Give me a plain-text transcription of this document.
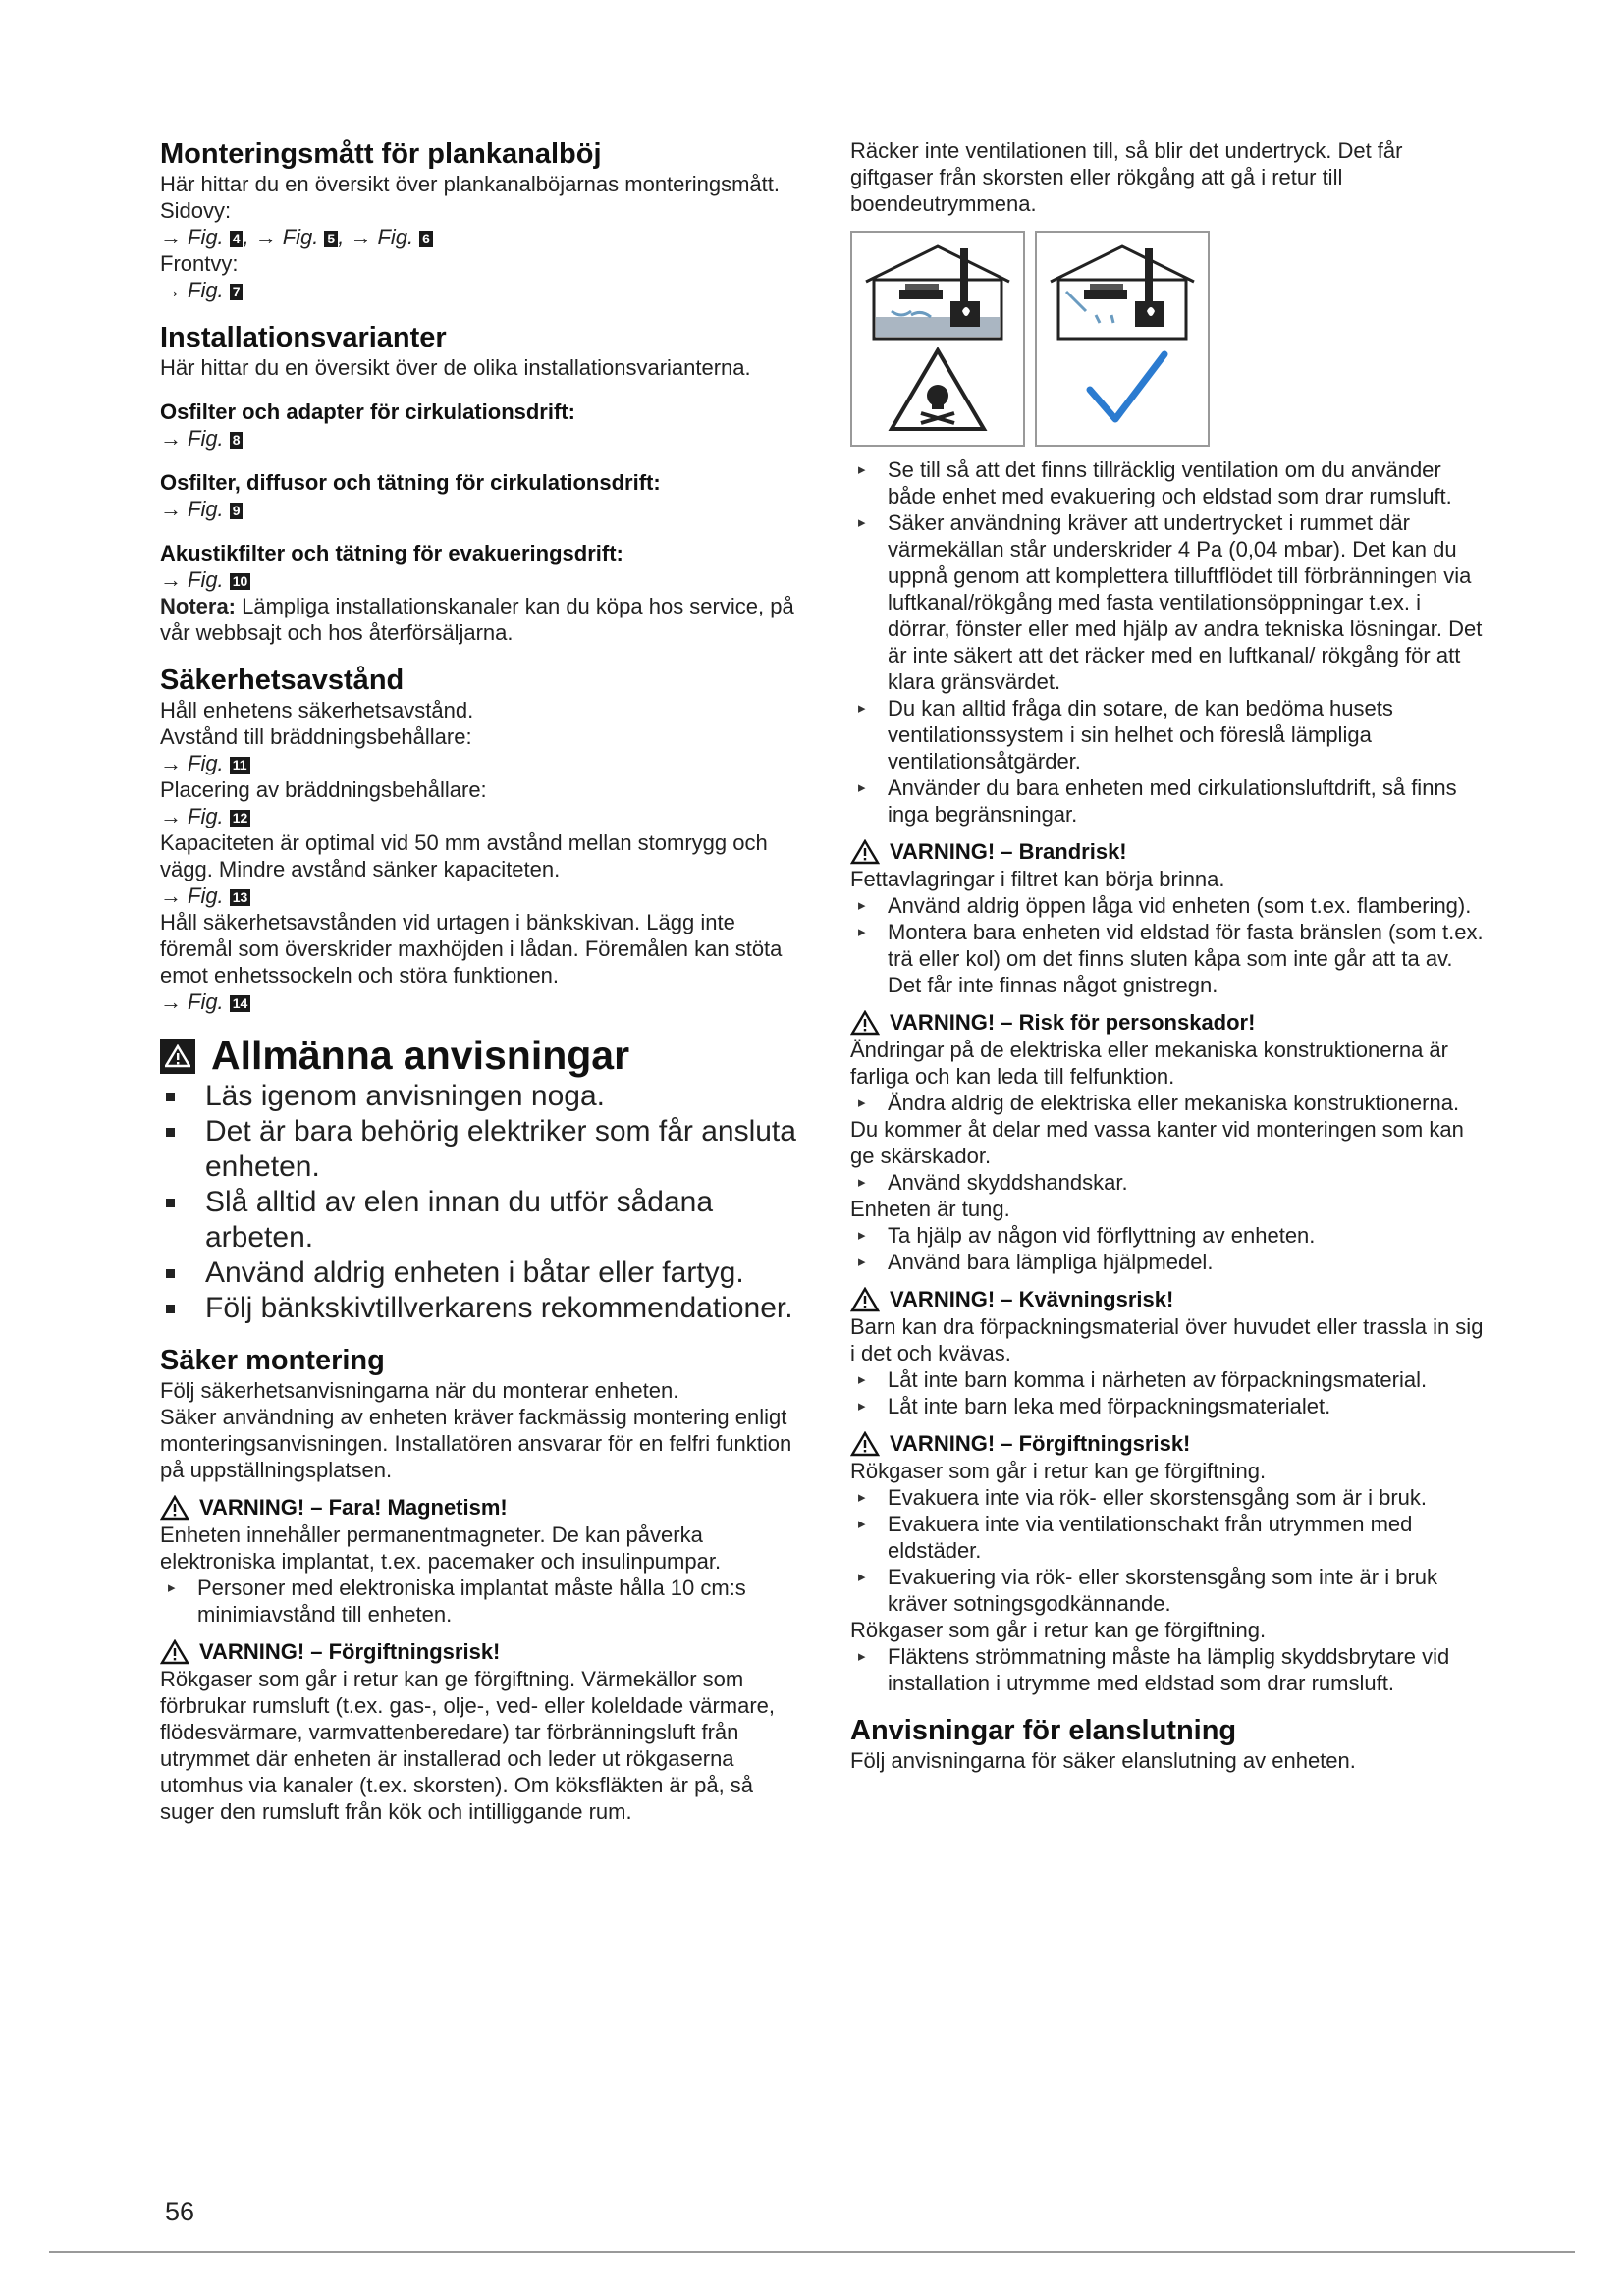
Monteringsmått för plankanalböj

Här hittar du en översikt över plankanalböjarnas monteringsmått.

Sidovy:

→ Fig. 4 , → Fig. 5 , → Fig. 6

Frontvy:

→ Fig. 7

Installationsvarianter

Här hittar du en översikt över de olika installationsvarianterna.

Osfilter och adapter för cirkulationsdrift:

→ Fig. 8

Osfilter, diffusor och tätning för cirkulationsdrift:

→ Fig. 9

Akustikfilter och tätning för evakueringsdrift:

→ Fig. 10

Notera: Lämpliga installationskanaler kan du köpa hos service, på vår webbsajt och hos återförsäljarna.

Säkerhetsavstånd

Håll enhetens säkerhetsavstånd.

Avstånd till bräddningsbehållare:

→ Fig. 11

Placering av bräddningsbehållare:

→ Fig. 12

Kapaciteten är optimal vid 50 mm avstånd mellan stomrygg och vägg. Mindre avstånd sänker kapaciteten.

→ Fig. 13

Håll säkerhetsavstånden vid urtagen i bänkskivan. Lägg inte föremål som överskrider maxhöjden i lådan. Föremålen kan stöta emot enhetssockeln och störa funktionen.

→ Fig. 14

Allmänna anvisningar
Läs igenom anvisningen noga.
Det är bara behörig elektriker som får ansluta enheten.
Slå alltid av elen innan du utför sådana arbeten.
Använd aldrig enheten i båtar eller fartyg.
Följ bänkskivtillverkarens rekommendationer.
Säker montering

Följ säkerhetsanvisningarna när du monterar enheten.

Säker användning av enheten kräver fackmässig montering enligt monteringsanvisningen. Installatören ansvarar för en felfri funktion på uppställningsplatsen.

VARNING! – Fara! Magnetism!

Enheten innehåller permanentmagneter. De kan påverka elektroniska implantat, t.ex. pacemaker och insulinpumpar.

▸ Personer med elektroniska implantat måste hålla 10 cm:s minimiavstånd till enheten.
VARNING! – Förgiftningsrisk!

Rökgaser som går i retur kan ge förgiftning. Värmekällor som förbrukar rumsluft (t.ex. gas-, olje-, ved- eller koleldade värmare, flödesvärmare, varmvattenberedare) tar förbränningsluft från utrymmet där enheten är installerad och leder ut rökgaserna utomhus via kanaler (t.ex. skorsten). Om köksfläkten är på, så suger den rumsluft från kök och intilliggande rum.

Räcker inte ventilationen till, så blir det undertryck. Det får giftgaser från skorsten eller rökgång att gå i retur till boendeutrymmena.

▸ Se till så att det finns tillräcklig ventilation om du använder både enhet med evakuering och eldstad som drar rumsluft.
▸ Säker användning kräver att undertrycket i rummet där värmekällan står underskrider 4 Pa (0,04 mbar). Det kan du uppnå genom att komplettera tilluftflödet till förbränningen via luftkanal/rökgång med fasta ventilationsöppningar t.ex. i dörrar, fönster eller med hjälp av andra tekniska lösningar. Det är inte säkert att det räcker med en luftkanal/ rökgång för att klara gränsvärdet.
▸ Du kan alltid fråga din sotare, de kan bedöma husets ventilationssystem i sin helhet och föreslå lämpliga ventilationsåtgärder.
▸ Använder du bara enheten med cirkulationsluftdrift, så finns inga begränsningar.
VARNING! – Brandrisk!

Fettavlagringar i filtret kan börja brinna.

▸ Använd aldrig öppen låga vid enheten (som t.ex. flambering).
▸ Montera bara enheten vid eldstad för fasta bränslen (som t.ex. trä eller kol) om det finns sluten kåpa som inte går att ta av. Det får inte finnas något gnistregn.
VARNING! – Risk för personskador!

Ändringar på de elektriska eller mekaniska konstruktionerna är farliga och kan leda till felfunktion.

▸ Ändra aldrig de elektriska eller mekaniska konstruktionerna.

Du kommer åt delar med vassa kanter vid monteringen som kan ge skärskador.

▸ Använd skyddshandskar.

Enheten är tung.

▸ Ta hjälp av någon vid förflyttning av enheten.
▸ Använd bara lämpliga hjälpmedel.
VARNING! – Kvävningsrisk!

Barn kan dra förpackningsmaterial över huvudet eller trassla in sig i det och kvävas.

▸ Låt inte barn komma i närheten av förpackningsmaterial.
▸ Låt inte barn leka med förpackningsmaterialet.
VARNING! – Förgiftningsrisk!

Rökgaser som går i retur kan ge förgiftning.

▸ Evakuera inte via rök- eller skorstensgång som är i bruk.
▸ Evakuera inte via ventilationschakt från utrymmen med eldstäder.
▸ Evakuering via rök- eller skorstensgång som inte är i bruk kräver sotningsgodkännande.

Rökgaser som går i retur kan ge förgiftning.

▸ Fläktens strömmatning måste ha lämplig skyddsbrytare vid installation i utrymme med eldstad som drar rumsluft.
Anvisningar för elanslutning

Följ anvisningarna för säker elanslutning av enheten.

56
